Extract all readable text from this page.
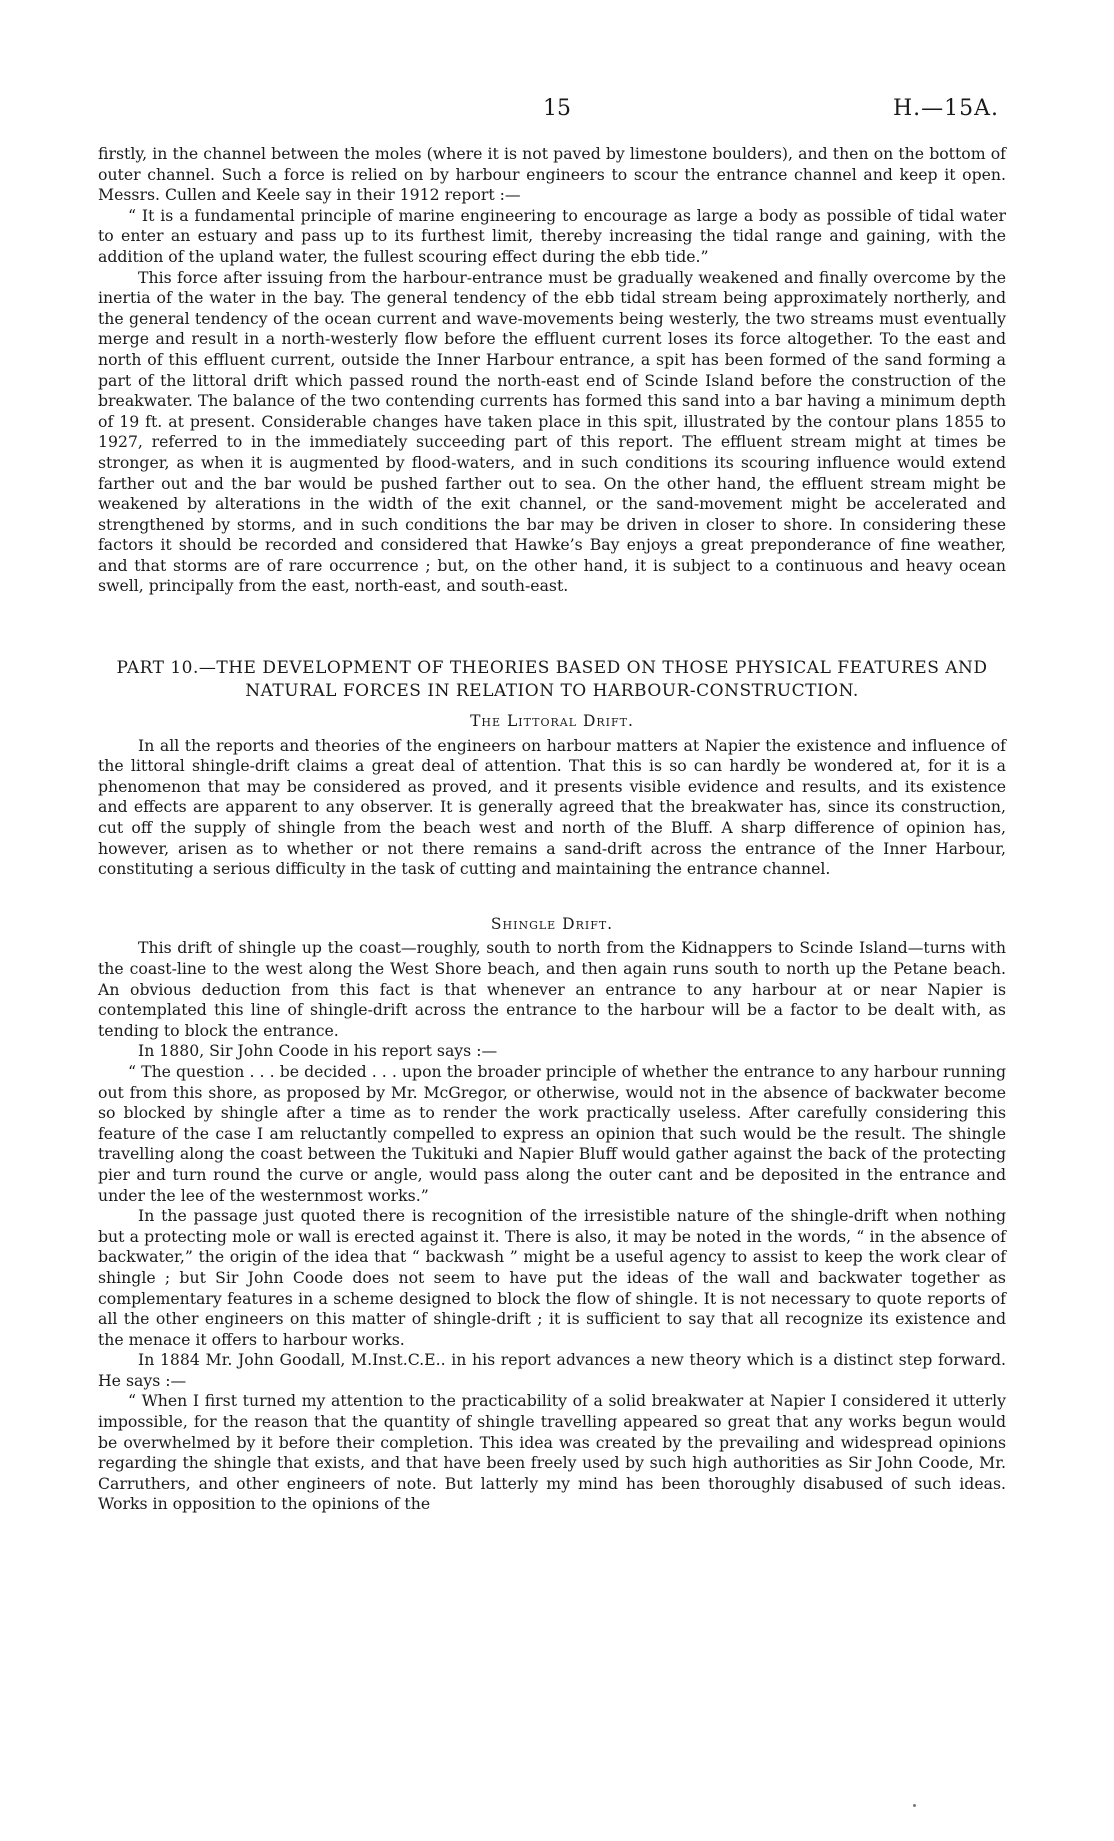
15	H.—15A.

firstly, in the channel between the moles (where it is not paved by limestone boulders), and then on the bottom of outer channel. Such a force is relied on by harbour engineers to scour the entrance channel and keep it open. Messrs. Cullen and Keele say in their 1912 report :—

“ It is a fundamental principle of marine engineering to encourage as large a body as possible of tidal water to enter an estuary and pass up to its furthest limit, thereby increasing the tidal range and gaining, with the addition of the upland water, the fullest scouring effect during the ebb tide.”

This force after issuing from the harbour-entrance must be gradually weakened and finally overcome by the inertia of the water in the bay. The general tendency of the ebb tidal stream being approximately northerly, and the general tendency of the ocean current and wave-movements being westerly, the two streams must eventually merge and result in a north-westerly flow before the effluent current loses its force altogether. To the east and north of this effluent current, outside the Inner Harbour entrance, a spit has been formed of the sand forming a part of the littoral drift which passed round the north-east end of Scinde Island before the construction of the breakwater. The balance of the two contending currents has formed this sand into a bar having a minimum depth of 19 ft. at present. Considerable changes have taken place in this spit, illustrated by the contour plans 1855 to 1927, referred to in the immediately succeeding part of this report. The effluent stream might at times be stronger, as when it is augmented by flood-waters, and in such conditions its scouring influence would extend farther out and the bar would be pushed farther out to sea. On the other hand, the effluent stream might be weakened by alterations in the width of the exit channel, or the sand-movement might be accelerated and strengthened by storms, and in such conditions the bar may be driven in closer to shore. In considering these factors it should be recorded and considered that Hawke’s Bay enjoys a great preponderance of fine weather, and that storms are of rare occurrence ; but, on the other hand, it is subject to a continuous and heavy ocean swell, principally from the east, north-east, and south-east.

PART 10.—THE DEVELOPMENT OF THEORIES BASED ON THOSE PHYSICAL FEATURES AND NATURAL FORCES IN RELATION TO HARBOUR-CONSTRUCTION.
The Littoral Drift.

In all the reports and theories of the engineers on harbour matters at Napier the existence and influence of the littoral shingle-drift claims a great deal of attention. That this is so can hardly be wondered at, for it is a phenomenon that may be considered as proved, and it presents visible evidence and results, and its existence and effects are apparent to any observer. It is generally agreed that the breakwater has, since its construction, cut off the supply of shingle from the beach west and north of the Bluff. A sharp difference of opinion has, however, arisen as to whether or not there remains a sand-drift across the entrance of the Inner Harbour, constituting a serious difficulty in the task of cutting and maintaining the entrance channel.

Shingle Drift.

This drift of shingle up the coast—roughly, south to north from the Kidnappers to Scinde Island—turns with the coast-line to the west along the West Shore beach, and then again runs south to north up the Petane beach. An obvious deduction from this fact is that whenever an entrance to any harbour at or near Napier is contemplated this line of shingle-drift across the entrance to the harbour will be a factor to be dealt with, as tending to block the entrance.

In 1880, Sir John Coode in his report says :—

“ The question . . . be decided . . . upon the broader principle of whether the entrance to any harbour running out from this shore, as proposed by Mr. McGregor, or otherwise, would not in the absence of backwater become so blocked by shingle after a time as to render the work practically useless. After carefully considering this feature of the case I am reluctantly compelled to express an opinion that such would be the result. The shingle travelling along the coast between the Tukituki and Napier Bluff would gather against the back of the protecting pier and turn round the curve or angle, would pass along the outer cant and be deposited in the entrance and under the lee of the westernmost works.”

In the passage just quoted there is recognition of the irresistible nature of the shingle-drift when nothing but a protecting mole or wall is erected against it. There is also, it may be noted in the words, “ in the absence of backwater,” the origin of the idea that “ backwash ” might be a useful agency to assist to keep the work clear of shingle ; but Sir John Coode does not seem to have put the ideas of the wall and backwater together as complementary features in a scheme designed to block the flow of shingle. It is not necessary to quote reports of all the other engineers on this matter of shingle-drift ; it is sufficient to say that all recognize its existence and the menace it offers to harbour works.

In 1884 Mr. John Goodall, M.Inst.C.E.. in his report advances a new theory which is a distinct step forward. He says :—

“ When I first turned my attention to the practicability of a solid breakwater at Napier I considered it utterly impossible, for the reason that the quantity of shingle travelling appeared so great that any works begun would be overwhelmed by it before their completion. This idea was created by the prevailing and widespread opinions regarding the shingle that exists, and that have been freely used by such high authorities as Sir John Coode, Mr. Carruthers, and other engineers of note. But latterly my mind has been thoroughly disabused of such ideas. Works in opposition to the opinions of the
